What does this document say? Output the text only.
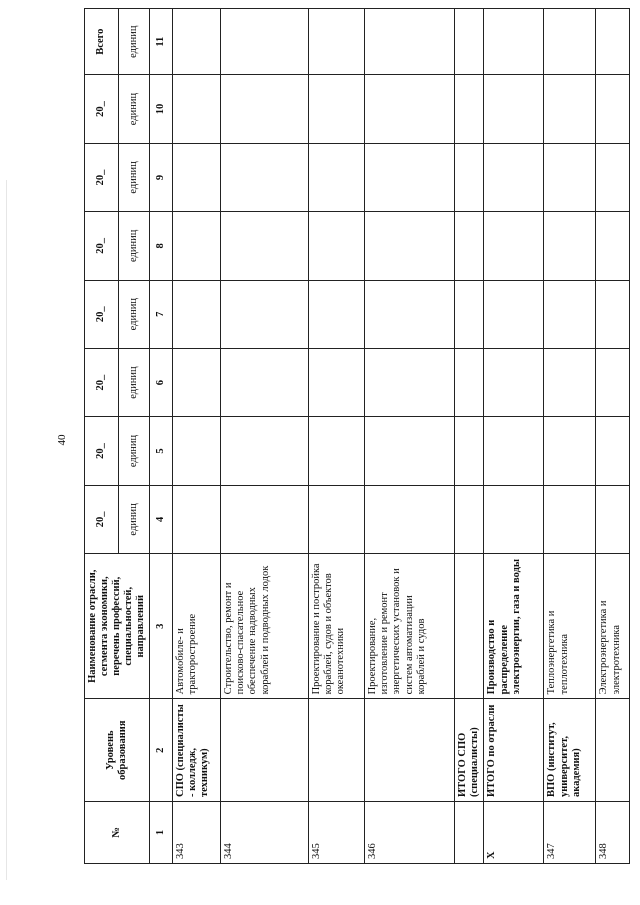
40
№	Уровень образования	Наименование отрасли, сегмента экономики, перечень профессий, специальностей, направлений	20_	20_	20_	20_	20_	20_	20_	Всего
			единиц	единиц	единиц	единиц	единиц	единиц	единиц	единиц
1	2	3	4	5	6	7	8	9	10	11
343	СПО (специалисты - колледж, техникум)	Автомобиле- и тракторостроение								
344		Строительство, ремонт и поисково-спасательное обеспечение надводных кораблей и подводных лодок								
345		Проектирование и постройка кораблей, судов и объектов океанотехники								
346		Проектирование, изготовление и ремонт энергетических установок и систем автоматизации кораблей и судов								
	ИТОГО СПО (специалисты)									
X	ИТОГО по отрасли	Производство и распределение электроэнергии, газа и воды								
347	ВПО (институт, университет, академия)	Теплоэнергетика и теплотехника								
348		Электроэнергетика и электротехника								
